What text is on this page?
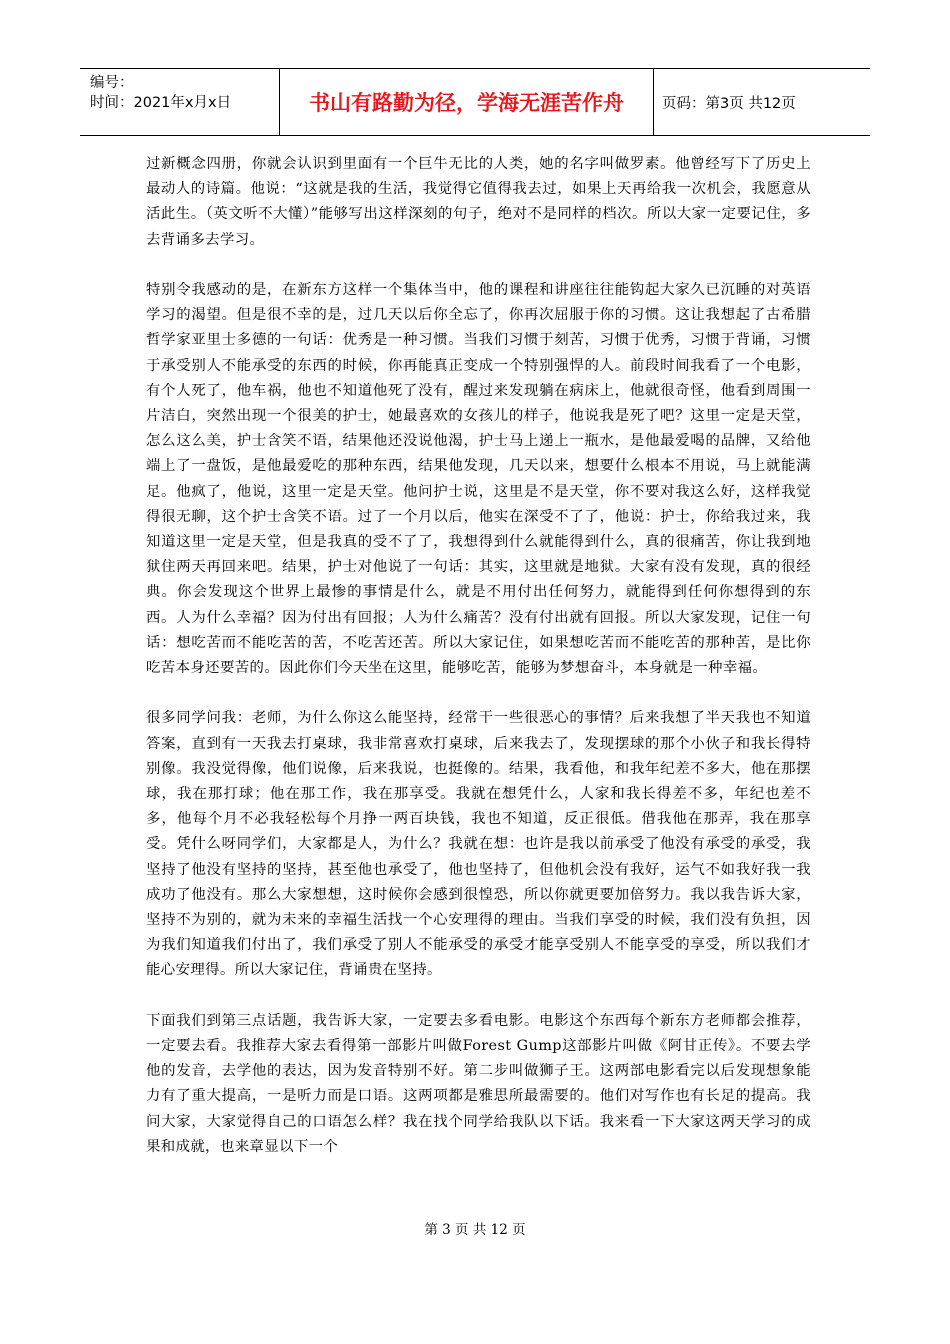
编号：
时间：2021年x月x日	书山有路勤为径，学海无涯苦作舟	页码：第3页 共12页

过新概念四册，你就会认识到里面有一个巨牛无比的人类，她的名字叫做罗素。他曾经写下了历史上最动人的诗篇。他说：“这就是我的生活，我觉得它值得我去过，如果上天再给我一次机会，我愿意从活此生。（英文听不大懂）”能够写出这样深刻的句子，绝对不是同样的档次。所以大家一定要记住，多去背诵多去学习。

特别令我感动的是，在新东方这样一个集体当中，他的课程和讲座往往能钩起大家久已沉睡的对英语学习的渴望。但是很不幸的是，过几天以后你全忘了，你再次屈服于你的习惯。这让我想起了古希腊哲学家亚里士多德的一句话：优秀是一种习惯。当我们习惯于刻苦，习惯于优秀，习惯于背诵，习惯于承受别人不能承受的东西的时候，你再能真正变成一个特别强悍的人。前段时间我看了一个电影，有个人死了，他车祸，他也不知道他死了没有，醒过来发现躺在病床上，他就很奇怪，他看到周围一片洁白，突然出现一个很美的护士，她最喜欢的女孩儿的样子，他说我是死了吧？这里一定是天堂，怎么这么美，护士含笑不语，结果他还没说他渴，护士马上递上一瓶水，是他最爱喝的品牌，又给他端上了一盘饭，是他最爱吃的那种东西，结果他发现，几天以来，想要什么根本不用说，马上就能满足。他疯了，他说，这里一定是天堂。他问护士说，这里是不是天堂，你不要对我这么好，这样我觉得很无聊，这个护士含笑不语。过了一个月以后，他实在深受不了了，他说：护士，你给我过来，我知道这里一定是天堂，但是我真的受不了了，我想得到什么就能得到什么，真的很痛苦，你让我到地狱住两天再回来吧。结果，护士对他说了一句话：其实，这里就是地狱。大家有没有发现，真的很经典。你会发现这个世界上最惨的事情是什么，就是不用付出任何努力，就能得到任何你想得到的东西。人为什么幸福？因为付出有回报；人为什么痛苦？没有付出就有回报。所以大家发现，记住一句话：想吃苦而不能吃苦的苦，不吃苦还苦。所以大家记住，如果想吃苦而不能吃苦的那种苦，是比你吃苦本身还要苦的。因此你们今天坐在这里，能够吃苦，能够为梦想奋斗，本身就是一种幸福。

很多同学问我：老师，为什么你这么能坚持，经常干一些很恶心的事情？后来我想了半天我也不知道答案，直到有一天我去打桌球，我非常喜欢打桌球，后来我去了，发现摆球的那个小伙子和我长得特别像。我没觉得像，他们说像，后来我说，也挺像的。结果，我看他，和我年纪差不多大，他在那摆球，我在那打球；他在那工作，我在那享受。我就在想凭什么，人家和我长得差不多，年纪也差不多，他每个月不必我轻松每个月挣一两百块钱，我也不知道，反正很低。借我他在那弄，我在那享受。凭什么呀同学们，大家都是人，为什么？我就在想：也许是我以前承受了他没有承受的承受，我坚持了他没有坚持的坚持，甚至他也承受了，他也坚持了，但他机会没有我好，运气不如我好我一我成功了他没有。那么大家想想，这时候你会感到很惶恐，所以你就更要加倍努力。我以我告诉大家，坚持不为别的，就为未来的幸福生活找一个心安理得的理由。当我们享受的时候，我们没有负担，因为我们知道我们付出了，我们承受了别人不能承受的承受才能享受别人不能享受的享受，所以我们才能心安理得。所以大家记住，背诵贵在坚持。

下面我们到第三点话题，我告诉大家，一定要去多看电影。电影这个东西每个新东方老师都会推荐，一定要去看。我推荐大家去看得第一部影片叫做Forest Gump这部影片叫做《阿甘正传》。不要去学他的发音，去学他的表达，因为发音特别不好。第二步叫做狮子王。这两部电影看完以后发现想象能力有了重大提高，一是听力而是口语。这两项都是雅思所最需要的。他们对写作也有长足的提高。我问大家，大家觉得自己的口语怎么样？我在找个同学给我队以下话。我来看一下大家这两天学习的成果和成就，也来章显以下一个

第 3 页 共 12 页
